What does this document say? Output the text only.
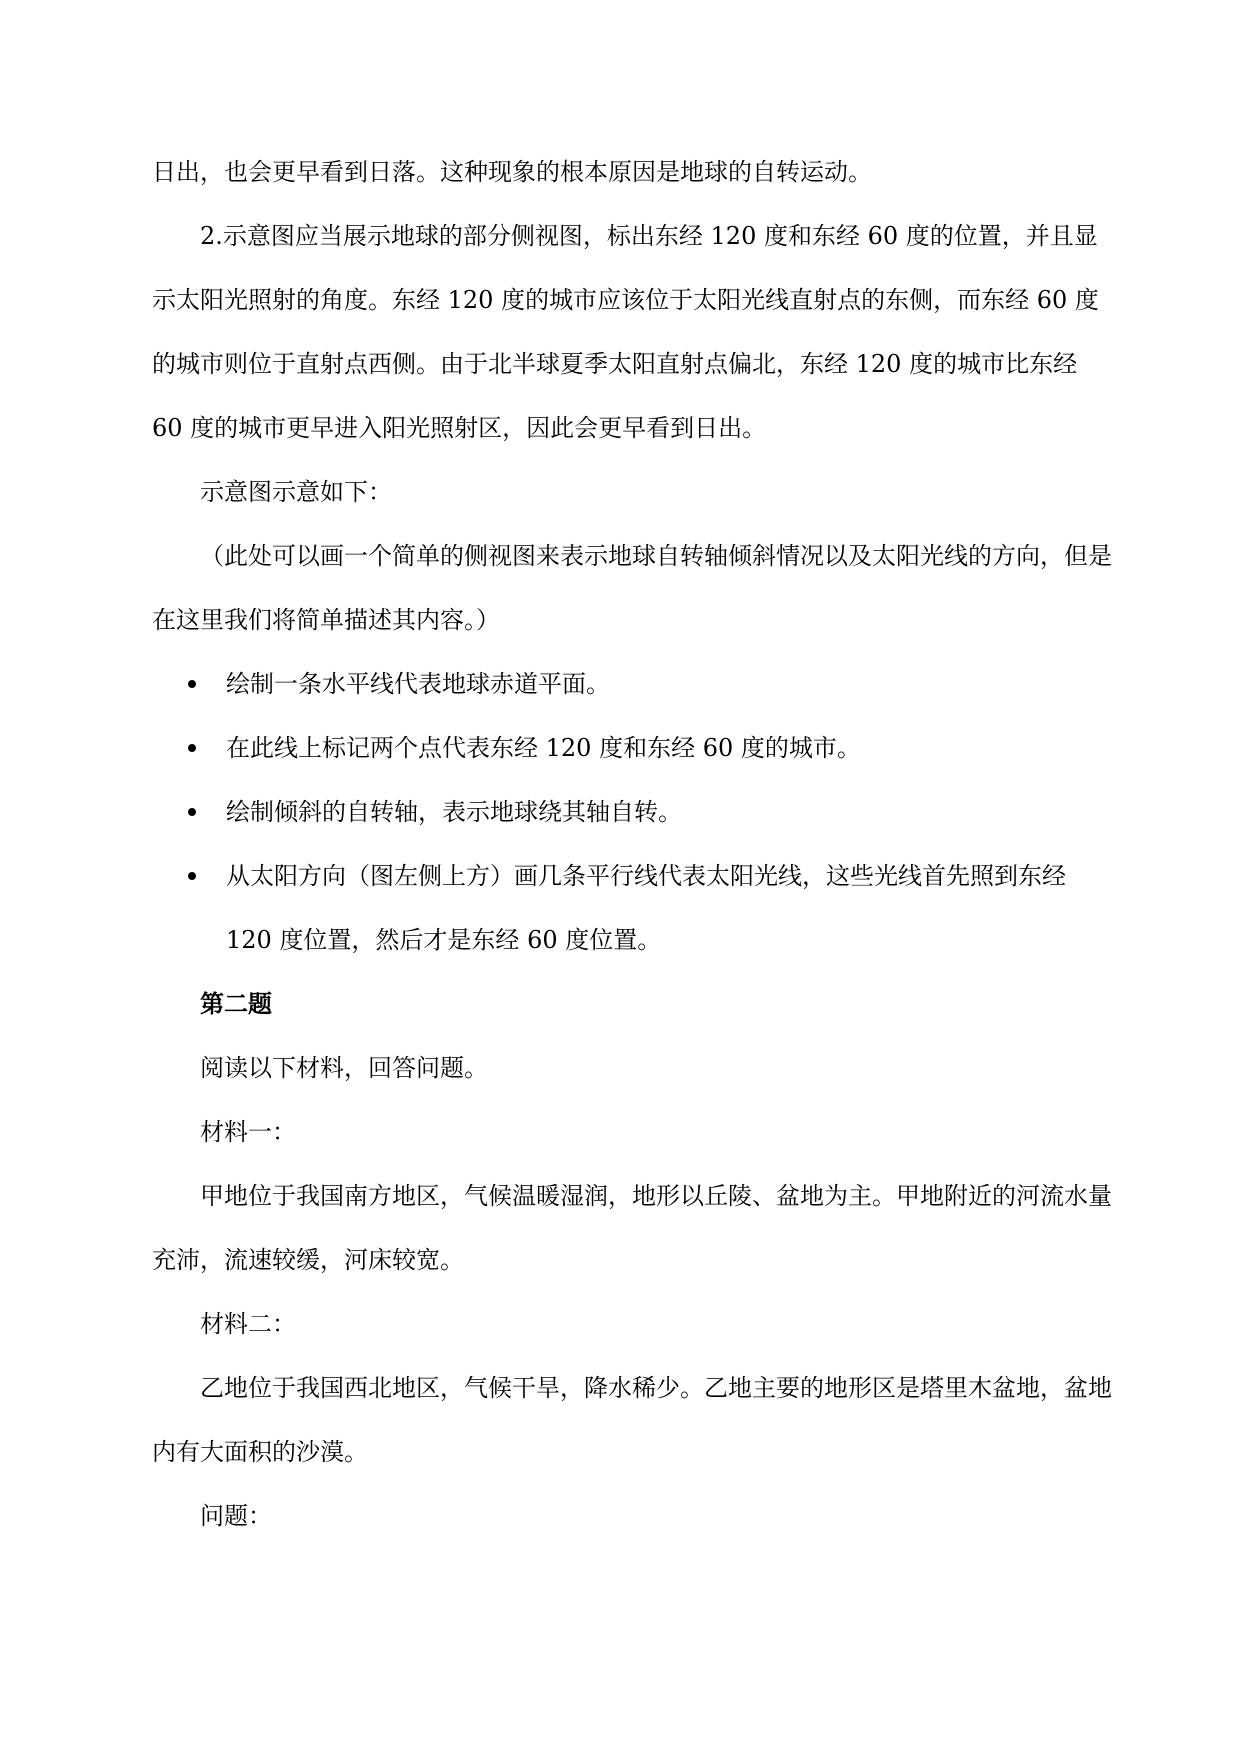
日出，也会更早看到日落。这种现象的根本原因是地球的自转运动。

2.示意图应当展示地球的部分侧视图，标出东经 120 度和东经 60 度的位置，并且显示太阳光照射的角度。东经 120 度的城市应该位于太阳光线直射点的东侧，而东经 60 度的城市则位于直射点西侧。由于北半球夏季太阳直射点偏北，东经 120 度的城市比东经 60 度的城市更早进入阳光照射区，因此会更早看到日出。

示意图示意如下：

（此处可以画一个简单的侧视图来表示地球自转轴倾斜情况以及太阳光线的方向，但是在这里我们将简单描述其内容。）

绘制一条水平线代表地球赤道平面。
在此线上标记两个点代表东经 120 度和东经 60 度的城市。
绘制倾斜的自转轴，表示地球绕其轴自转。
从太阳方向（图左侧上方）画几条平行线代表太阳光线，这些光线首先照到东经 120 度位置，然后才是东经 60 度位置。

第二题

阅读以下材料，回答问题。

材料一：

甲地位于我国南方地区，气候温暖湿润，地形以丘陵、盆地为主。甲地附近的河流水量充沛，流速较缓，河床较宽。

材料二：

乙地位于我国西北地区，气候干旱，降水稀少。乙地主要的地形区是塔里木盆地，盆地内有大面积的沙漠。

问题：
